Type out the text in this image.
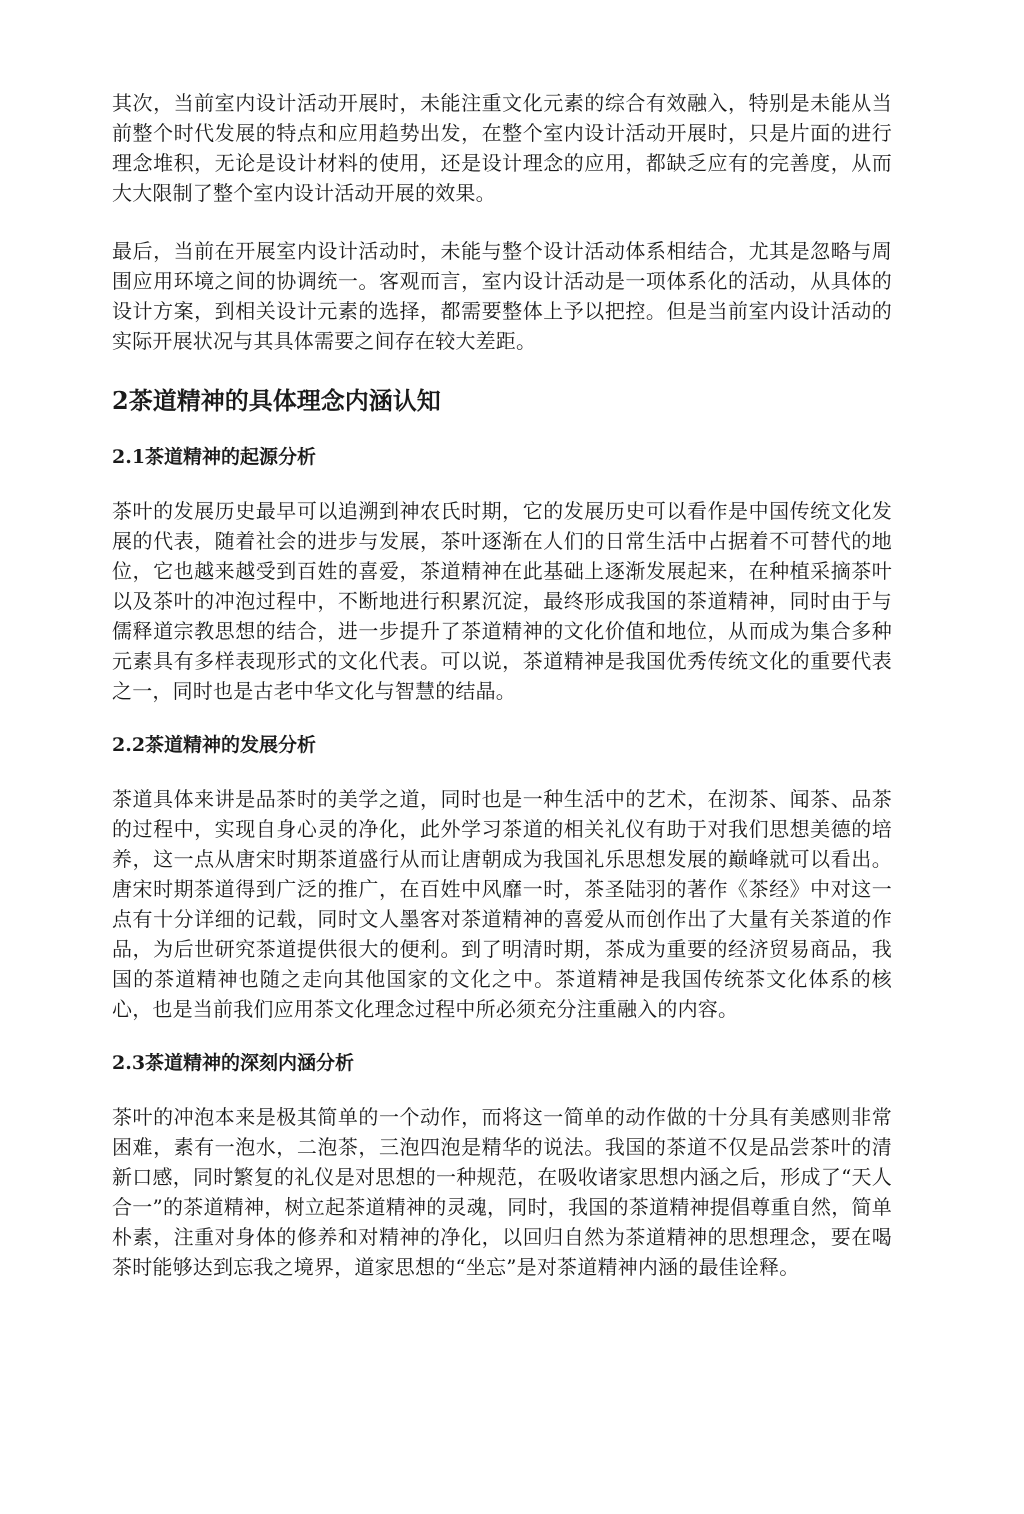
其次，当前室内设计活动开展时，未能注重文化元素的综合有效融入，特别是未能从当前整个时代发展的特点和应用趋势出发，在整个室内设计活动开展时，只是片面的进行理念堆积，无论是设计材料的使用，还是设计理念的应用，都缺乏应有的完善度，从而大大限制了整个室内设计活动开展的效果。

最后，当前在开展室内设计活动时，未能与整个设计活动体系相结合，尤其是忽略与周围应用环境之间的协调统一。客观而言，室内设计活动是一项体系化的活动，从具体的设计方案，到相关设计元素的选择，都需要整体上予以把控。但是当前室内设计活动的实际开展状况与其具体需要之间存在较大差距。

2茶道精神的具体理念内涵认知
2.1茶道精神的起源分析

茶叶的发展历史最早可以追溯到神农氏时期，它的发展历史可以看作是中国传统文化发展的代表，随着社会的进步与发展，茶叶逐渐在人们的日常生活中占据着不可替代的地位，它也越来越受到百姓的喜爱，茶道精神在此基础上逐渐发展起来，在种植采摘茶叶以及茶叶的冲泡过程中，不断地进行积累沉淀，最终形成我国的茶道精神，同时由于与儒释道宗教思想的结合，进一步提升了茶道精神的文化价值和地位，从而成为集合多种元素具有多样表现形式的文化代表。可以说，茶道精神是我国优秀传统文化的重要代表之一，同时也是古老中华文化与智慧的结晶。

2.2茶道精神的发展分析

茶道具体来讲是品茶时的美学之道，同时也是一种生活中的艺术，在沏茶、闻茶、品茶的过程中，实现自身心灵的净化，此外学习茶道的相关礼仪有助于对我们思想美德的培养，这一点从唐宋时期茶道盛行从而让唐朝成为我国礼乐思想发展的巅峰就可以看出。唐宋时期茶道得到广泛的推广，在百姓中风靡一时，茶圣陆羽的著作《茶经》中对这一点有十分详细的记载，同时文人墨客对茶道精神的喜爱从而创作出了大量有关茶道的作品，为后世研究茶道提供很大的便利。到了明清时期，茶成为重要的经济贸易商品，我国的茶道精神也随之走向其他国家的文化之中。茶道精神是我国传统茶文化体系的核心，也是当前我们应用茶文化理念过程中所必须充分注重融入的内容。

2.3茶道精神的深刻内涵分析

茶叶的冲泡本来是极其简单的一个动作，而将这一简单的动作做的十分具有美感则非常困难，素有一泡水，二泡茶，三泡四泡是精华的说法。我国的茶道不仅是品尝茶叶的清新口感，同时繁复的礼仪是对思想的一种规范，在吸收诸家思想内涵之后，形成了“天人合一”的茶道精神，树立起茶道精神的灵魂，同时，我国的茶道精神提倡尊重自然，简单朴素，注重对身体的修养和对精神的净化，以回归自然为茶道精神的思想理念，要在喝茶时能够达到忘我之境界，道家思想的“坐忘”是对茶道精神内涵的最佳诠释。
